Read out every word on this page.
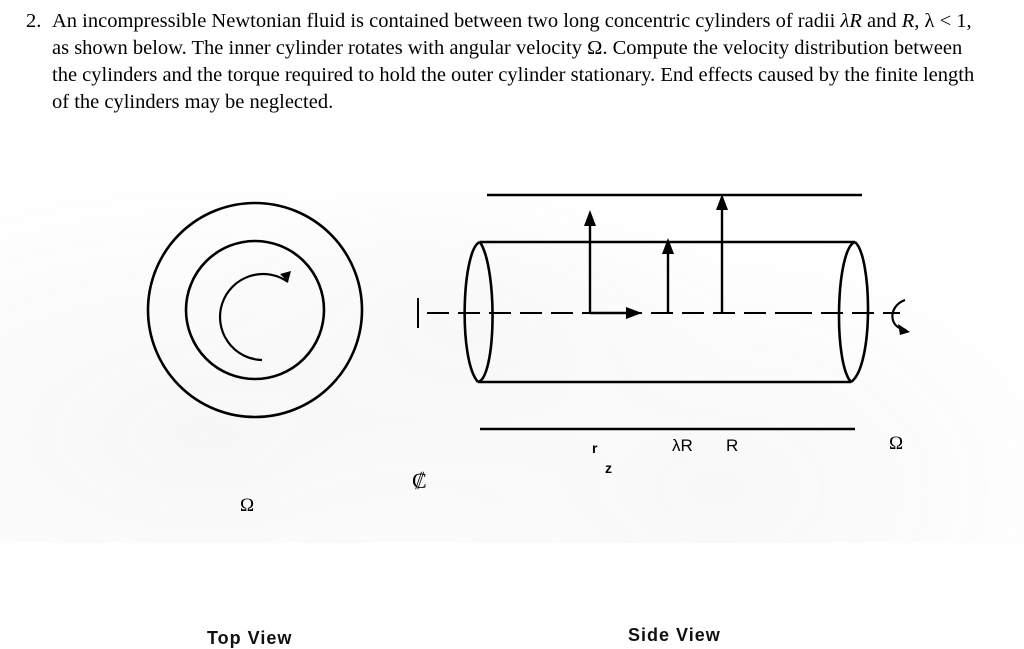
2. An incompressible Newtonian fluid is contained between two long concentric cylinders of radii λR and R, λ < 1, as shown below. The inner cylinder rotates with angular velocity Ω. Compute the velocity distribution between the cylinders and the torque required to hold the outer cylinder stationary. End effects caused by the finite length of the cylinders may be neglected.
r
z
λR R	Ω
Ω
₡
Top View	Side View
